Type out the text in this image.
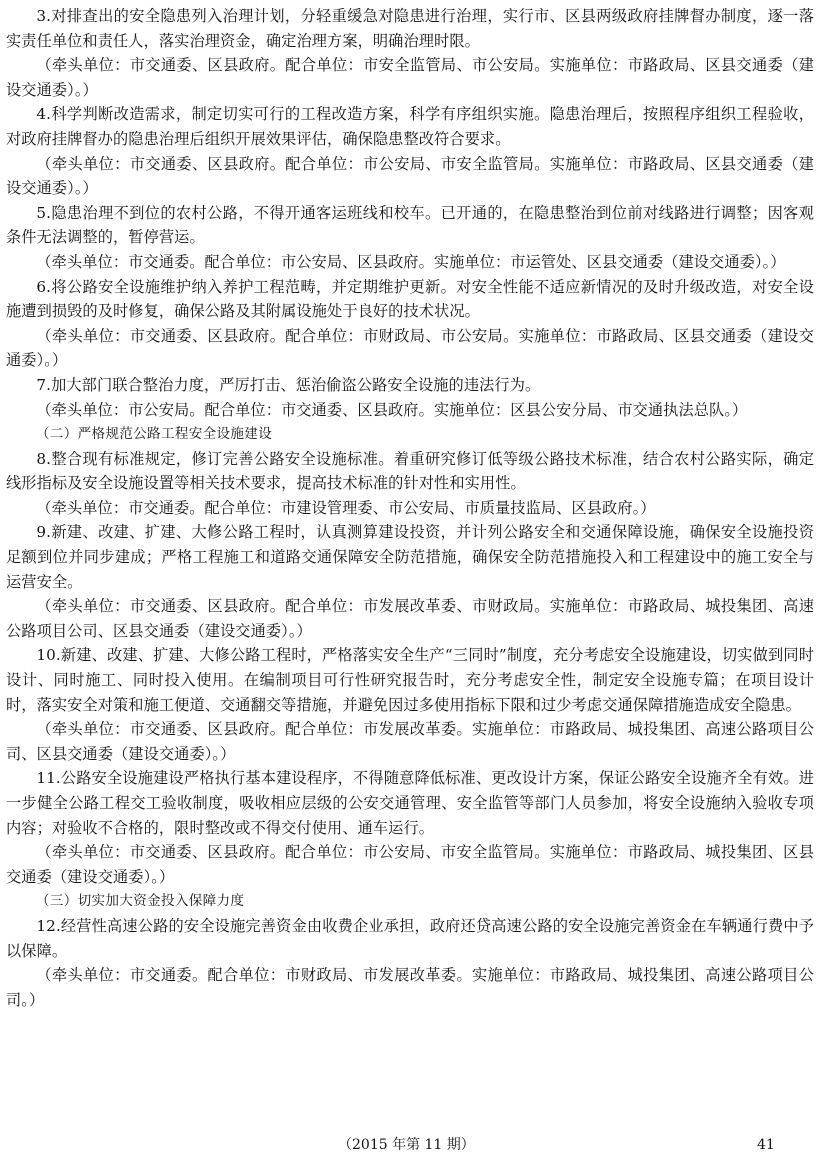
3.对排查出的安全隐患列入治理计划，分轻重缓急对隐患进行治理，实行市、区县两级政府挂牌督办制度，逐一落实责任单位和责任人，落实治理资金，确定治理方案，明确治理时限。

（牵头单位：市交通委、区县政府。配合单位：市安全监管局、市公安局。实施单位：市路政局、区县交通委（建设交通委）。）

4.科学判断改造需求，制定切实可行的工程改造方案，科学有序组织实施。隐患治理后，按照程序组织工程验收，对政府挂牌督办的隐患治理后组织开展效果评估，确保隐患整改符合要求。

（牵头单位：市交通委、区县政府。配合单位：市公安局、市安全监管局。实施单位：市路政局、区县交通委（建设交通委）。）

5.隐患治理不到位的农村公路，不得开通客运班线和校车。已开通的，在隐患整治到位前对线路进行调整；因客观条件无法调整的，暂停营运。

（牵头单位：市交通委。配合单位：市公安局、区县政府。实施单位：市运管处、区县交通委（建设交通委）。）

6.将公路安全设施维护纳入养护工程范畴，并定期维护更新。对安全性能不适应新情况的及时升级改造，对安全设施遭到损毁的及时修复，确保公路及其附属设施处于良好的技术状况。

（牵头单位：市交通委、区县政府。配合单位：市财政局、市公安局。实施单位：市路政局、区县交通委（建设交通委）。）

7.加大部门联合整治力度，严厉打击、惩治偷盗公路安全设施的违法行为。

（牵头单位：市公安局。配合单位：市交通委、区县政府。实施单位：区县公安分局、市交通执法总队。）

（二）严格规范公路工程安全设施建设

8.整合现有标准规定，修订完善公路安全设施标准。着重研究修订低等级公路技术标准，结合农村公路实际，确定线形指标及安全设施设置等相关技术要求，提高技术标准的针对性和实用性。

（牵头单位：市交通委。配合单位：市建设管理委、市公安局、市质量技监局、区县政府。）

9.新建、改建、扩建、大修公路工程时，认真测算建设投资，并计列公路安全和交通保障设施，确保安全设施投资足额到位并同步建成；严格工程施工和道路交通保障安全防范措施，确保安全防范措施投入和工程建设中的施工安全与运营安全。

（牵头单位：市交通委、区县政府。配合单位：市发展改革委、市财政局。实施单位：市路政局、城投集团、高速公路项目公司、区县交通委（建设交通委）。）

10.新建、改建、扩建、大修公路工程时，严格落实安全生产“三同时”制度，充分考虑安全设施建设，切实做到同时设计、同时施工、同时投入使用。在编制项目可行性研究报告时，充分考虑安全性，制定安全设施专篇；在项目设计时，落实安全对策和施工便道、交通翻交等措施，并避免因过多使用指标下限和过少考虑交通保障措施造成安全隐患。

（牵头单位：市交通委、区县政府。配合单位：市发展改革委。实施单位：市路政局、城投集团、高速公路项目公司、区县交通委（建设交通委）。）

11.公路安全设施建设严格执行基本建设程序，不得随意降低标准、更改设计方案，保证公路安全设施齐全有效。进一步健全公路工程交工验收制度，吸收相应层级的公安交通管理、安全监管等部门人员参加，将安全设施纳入验收专项内容；对验收不合格的，限时整改或不得交付使用、通车运行。

（牵头单位：市交通委、区县政府。配合单位：市公安局、市安全监管局。实施单位：市路政局、城投集团、区县交通委（建设交通委）。）

（三）切实加大资金投入保障力度

12.经营性高速公路的安全设施完善资金由收费企业承担，政府还贷高速公路的安全设施完善资金在车辆通行费中予以保障。

（牵头单位：市交通委。配合单位：市财政局、市发展改革委。实施单位：市路政局、城投集团、高速公路项目公司。）

（2015 年第 11 期）	41
